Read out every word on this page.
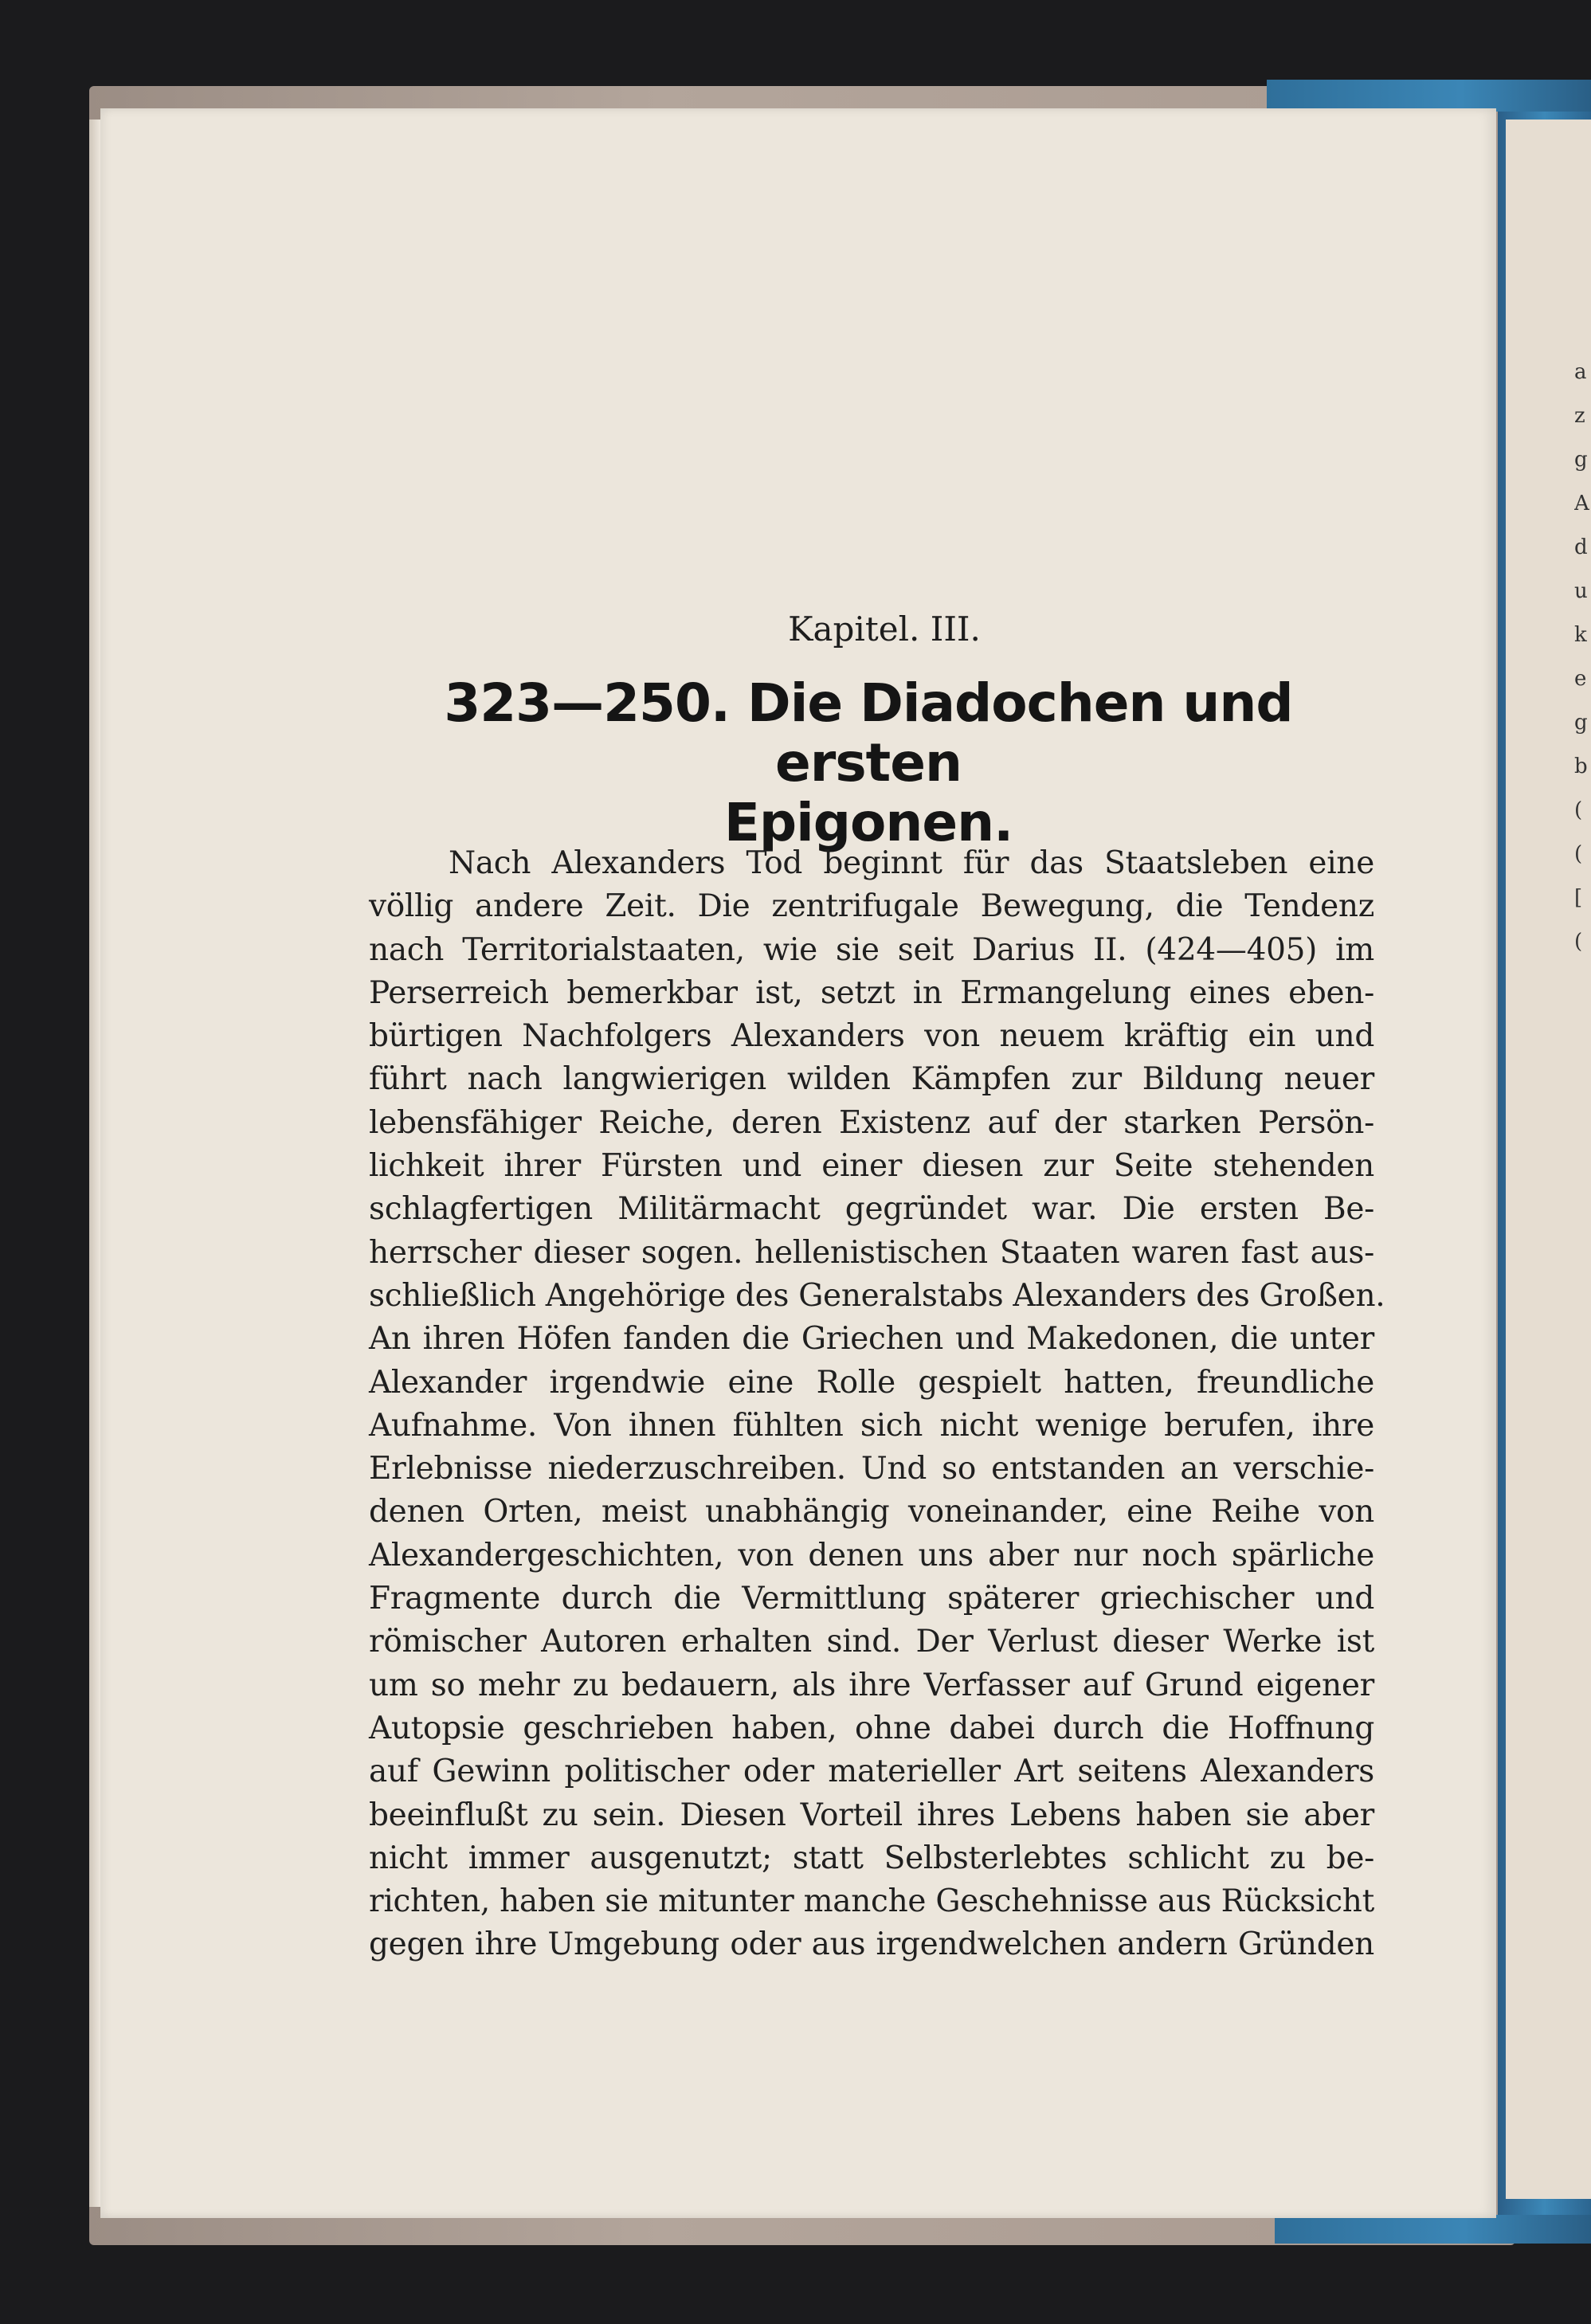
a
z
g
A
d
u
k
e
g
b
(
(
[
(
Kapitel. III.
323—250. Die Diadochen und ersten
Epigonen.
Nach Alexanders Tod beginnt für das Staatsleben eine
völlig andere Zeit. Die zentrifugale Bewegung, die Tendenz
nach Territorialstaaten, wie sie seit Darius II. (424—405) im
Perserreich bemerkbar ist, setzt in Ermangelung eines eben-
bürtigen Nachfolgers Alexanders von neuem kräftig ein und
führt nach langwierigen wilden Kämpfen zur Bildung neuer
lebensfähiger Reiche, deren Existenz auf der starken Persön-
lichkeit ihrer Fürsten und einer diesen zur Seite stehenden
schlagfertigen Militärmacht gegründet war. Die ersten Be-
herrscher dieser sogen. hellenistischen Staaten waren fast aus-
schließlich Angehörige des Generalstabs Alexanders des Großen.
An ihren Höfen fanden die Griechen und Makedonen, die unter
Alexander irgendwie eine Rolle gespielt hatten, freundliche
Aufnahme. Von ihnen fühlten sich nicht wenige berufen, ihre
Erlebnisse niederzuschreiben. Und so entstanden an verschie-
denen Orten, meist unabhängig voneinander, eine Reihe von
Alexandergeschichten, von denen uns aber nur noch spärliche
Fragmente durch die Vermittlung späterer griechischer und
römischer Autoren erhalten sind. Der Verlust dieser Werke ist
um so mehr zu bedauern, als ihre Verfasser auf Grund eigener
Autopsie geschrieben haben, ohne dabei durch die Hoffnung
auf Gewinn politischer oder materieller Art seitens Alexanders
beeinflußt zu sein. Diesen Vorteil ihres Lebens haben sie aber
nicht immer ausgenutzt; statt Selbsterlebtes schlicht zu be-
richten, haben sie mitunter manche Geschehnisse aus Rücksicht
gegen ihre Umgebung oder aus irgendwelchen andern Gründen
